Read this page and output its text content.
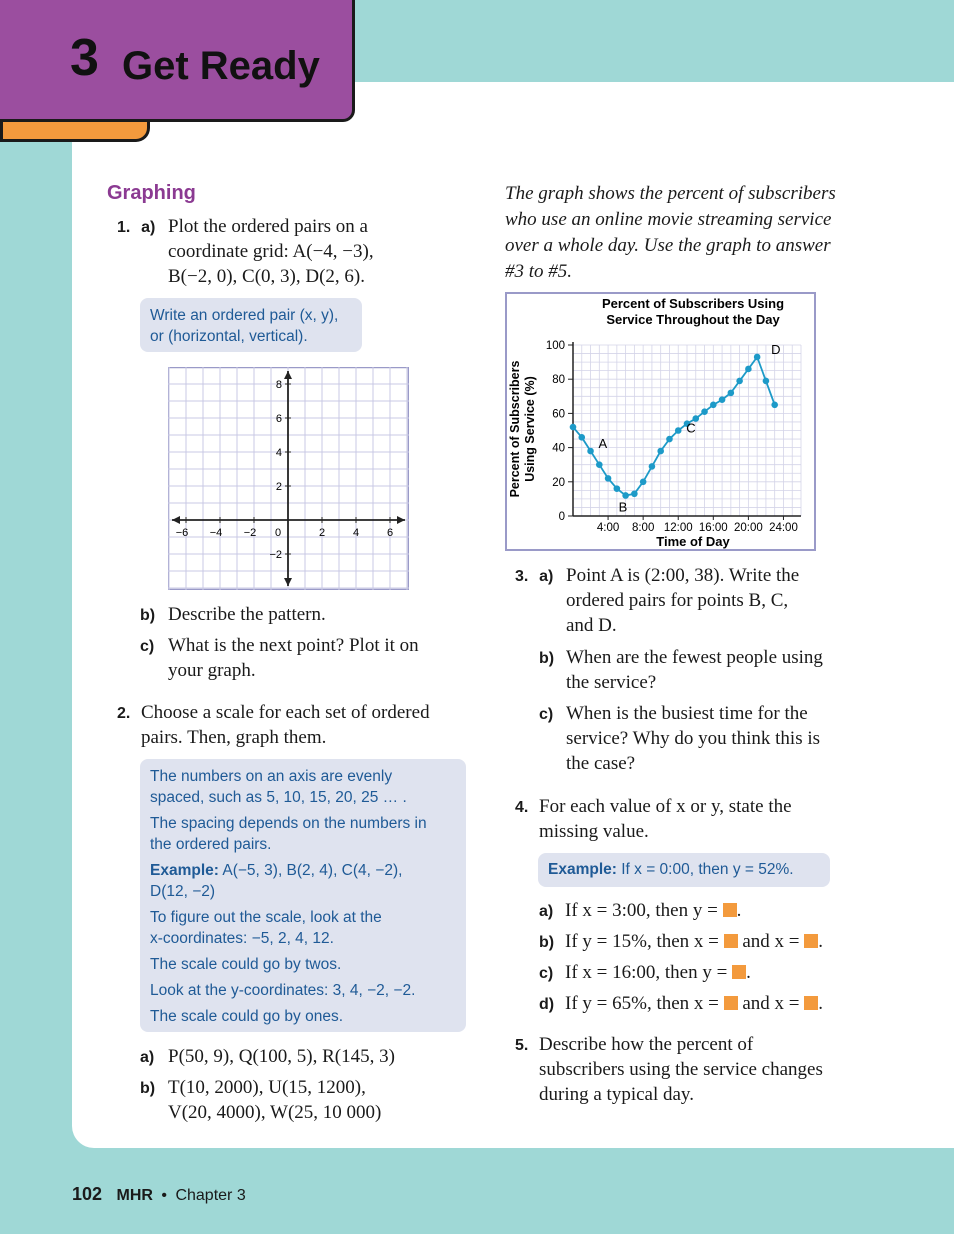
3 Get Ready
Graphing
1. a) Plot the ordered pairs on a
coordinate grid: A(−4, −3),
B(−2, 0), C(0, 3), D(2, 6).
Write an ordered pair (x, y),
or (horizontal, vertical).
−6 −4 −2 0	2	4	6
8
6
4
2
−2
b) Describe the pattern.
c) What is the next point? Plot it on
your graph.
2. Choose a scale for each set of ordered
pairs. Then, graph them.

The numbers on an axis are evenly
spaced, such as 5, 10, 15, 20, 25 … .

The spacing depends on the numbers in
the ordered pairs.

Example: A(−5, 3), B(2, 4), C(4, −2),
D(12, −2)

To figure out the scale, look at the
x-coordinates: −5, 2, 4, 12.

The scale could go by twos.

Look at the y-coordinates: 3, 4, −2, −2.

The scale could go by ones.

a) P(50, 9), Q(100, 5), R(145, 3)
b) T(10, 2000), U(15, 1200),
V(20, 4000), W(25, 10 000)
The graph shows the percent of subscribers
who use an online movie streaming service
over a whole day. Use the graph to answer
#3 to #5.
Percent of Subscribers Using
Service Throughout the Day
Percent of Subscribers Using Service (%)
Time of Day
0
20
40
60
80
100
4:00 8:00 12:00 16:00 20:00 24:00
A
B
C
D
3. a) Point A is (2:00, 38). Write the
ordered pairs for points B, C,
and D.
b) When are the fewest people using
the service?
c) When is the busiest time for the
service? Why do you think this is
the case?
4. For each value of x or y, state the
missing value.
Example: If x = 0:00, then y = 52%.
a) If x = 3:00, then y = .
b) If y = 15%, then x =  and x = .
c) If x = 16:00, then y = .
d) If y = 65%, then x =  and x = .
5. Describe how the percent of
subscribers using the service changes
during a typical day.
102 MHR • Chapter 3
